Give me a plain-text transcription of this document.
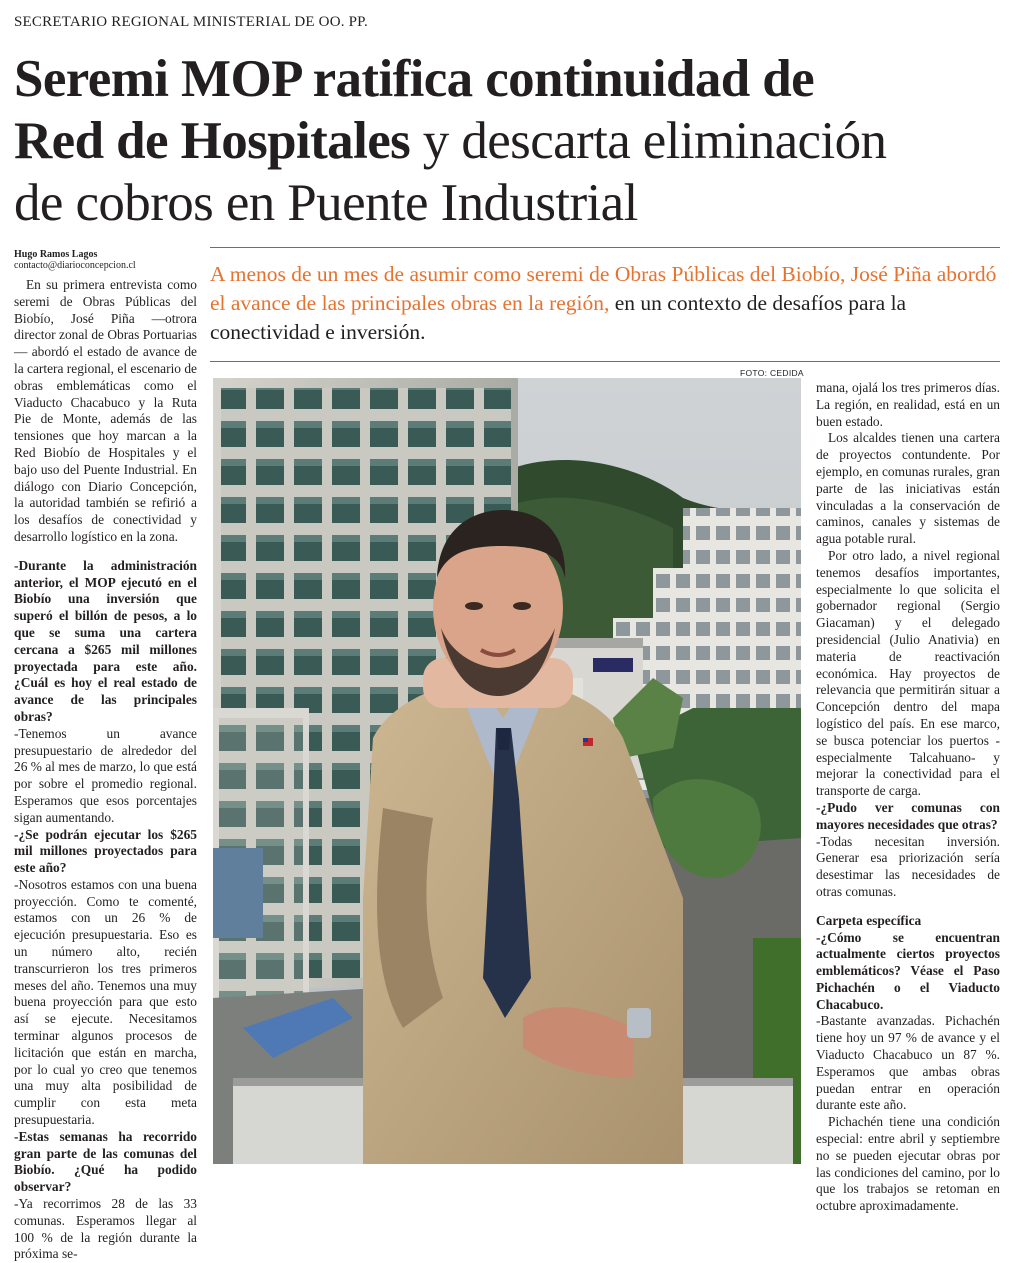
SECRETARIO REGIONAL MINISTERIAL DE OO. PP.
Seremi MOP ratifica continuidad de
Red de Hospitales y descarta eliminación
de cobros en Puente Industrial
Hugo Ramos Lagos
contacto@diarioconcepcion.cl	A menos de un mes de asumir como seremi de Obras Públicas del Biobío, José Piña abordó el avance de las principales obras en la región, en un contexto de desafíos para la conectividad e inversión.

En su primera entrevista como seremi de Obras Públicas del Biobío, José Piña —otrora director zonal de Obras Portuarias— abordó el estado de avance de la cartera regional, el escenario de obras emblemáticas como el Viaducto Chacabuco y la Ruta Pie de Monte, además de las tensiones que hoy marcan a la Red Biobío de Hospitales y el bajo uso del Puente Industrial. En diálogo con Diario Concepción, la autoridad también se refirió a los desafíos de conectividad y desarrollo logístico en la zona.

-Durante la administración anterior, el MOP ejecutó en el Biobío una inversión que superó el billón de pesos, a lo que se suma una cartera cercana a $265 mil millones proyectada para este año. ¿Cuál es hoy el real estado de avance de las principales obras?

-Tenemos un avance presupuestario de alrededor del 26 % al mes de marzo, lo que está por sobre el promedio regional. Esperamos que esos porcentajes sigan aumentando.

-¿Se podrán ejecutar los $265 mil millones proyectados para este año?

-Nosotros estamos con una buena proyección. Como te comenté, estamos con un 26 % de ejecución presupuestaria. Eso es un número alto, recién transcurrieron los tres primeros meses del año. Tenemos una muy buena proyección para que esto así se ejecute. Necesitamos terminar algunos procesos de licitación que están en marcha, por lo cual yo creo que tenemos una muy alta posibilidad de cumplir con esta meta presupuestaria.

-Estas semanas ha recorrido gran parte de las comunas del Biobío. ¿Qué ha podido observar?

-Ya recorrimos 28 de las 33 comunas. Esperamos llegar al 100 % de la región durante la próxima se-

FOTO: CEDIDA

mana, ojalá los tres primeros días. La región, en realidad, está en un buen estado.

Los alcaldes tienen una cartera de proyectos contundente. Por ejemplo, en comunas rurales, gran parte de las iniciativas están vinculadas a la conservación de caminos, canales y sistemas de agua potable rural.

Por otro lado, a nivel regional tenemos desafíos importantes, especialmente lo que solicita el gobernador regional (Sergio Giacaman) y el delegado presidencial (Julio Anativia) en materia de reactivación económica. Hay proyectos de relevancia que permitirán situar a Concepción dentro del mapa logístico del país. En ese marco, se busca potenciar los puertos -especialmente Talcahuano- y mejorar la conectividad para el transporte de carga.

-¿Pudo ver comunas con mayores necesidades que otras?

-Todas necesitan inversión. Generar esa priorización sería desestimar las necesidades de otras comunas.

Carpeta específica

-¿Cómo se encuentran actualmente ciertos proyectos emblemáticos? Véase el Paso Pichachén o el Viaducto Chacabuco.

-Bastante avanzadas. Pichachén tiene hoy un 97 % de avance y el Viaducto Chacabuco un 87 %. Esperamos que ambas obras puedan entrar en operación durante este año.

Pichachén tiene una condición especial: entre abril y septiembre no se pueden ejecutar obras por las condiciones del camino, por lo que los trabajos se retoman en octubre aproximadamente.
